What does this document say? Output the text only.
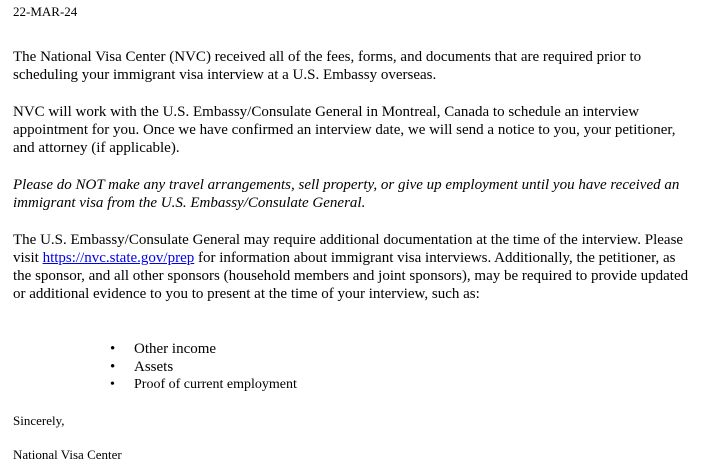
22-MAR-24

The National Visa Center (NVC) received all of the fees, forms, and documents that are required prior to scheduling your immigrant visa interview at a U.S. Embassy overseas.

NVC will work with the U.S. Embassy/Consulate General in Montreal, Canada to schedule an interview appointment for you. Once we have confirmed an interview date, we will send a notice to you, your petitioner, and attorney (if applicable).

Please do NOT make any travel arrangements, sell property, or give up employment until you have received an immigrant visa from the U.S. Embassy/Consulate General.

The U.S. Embassy/Consulate General may require additional documentation at the time of the interview. Please visit https://nvc.state.gov/prep for information about immigrant visa interviews. Additionally, the petitioner, as the sponsor, and all other sponsors (household members and joint sponsors), may be required to provide updated or additional evidence to you to present at the time of your interview, such as:

• Other income
• Assets
• Proof of current employment
Sincerely,
National Visa Center
